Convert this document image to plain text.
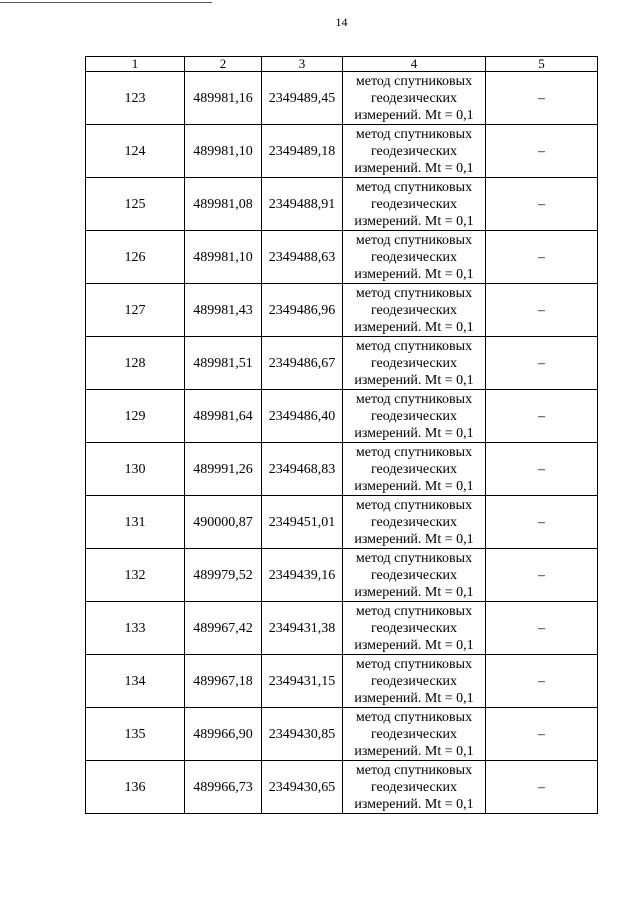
14
1	2	3	4	5
123	489981,16	2349489,45	метод спутниковых
геодезических
измерений. Mt = 0,1	–
124	489981,10	2349489,18	метод спутниковых
геодезических
измерений. Mt = 0,1	–
125	489981,08	2349488,91	метод спутниковых
геодезических
измерений. Mt = 0,1	–
126	489981,10	2349488,63	метод спутниковых
геодезических
измерений. Mt = 0,1	–
127	489981,43	2349486,96	метод спутниковых
геодезических
измерений. Mt = 0,1	–
128	489981,51	2349486,67	метод спутниковых
геодезических
измерений. Mt = 0,1	–
129	489981,64	2349486,40	метод спутниковых
геодезических
измерений. Mt = 0,1	–
130	489991,26	2349468,83	метод спутниковых
геодезических
измерений. Mt = 0,1	–
131	490000,87	2349451,01	метод спутниковых
геодезических
измерений. Mt = 0,1	–
132	489979,52	2349439,16	метод спутниковых
геодезических
измерений. Mt = 0,1	–
133	489967,42	2349431,38	метод спутниковых
геодезических
измерений. Mt = 0,1	–
134	489967,18	2349431,15	метод спутниковых
геодезических
измерений. Mt = 0,1	–
135	489966,90	2349430,85	метод спутниковых
геодезических
измерений. Mt = 0,1	–
136	489966,73	2349430,65	метод спутниковых
геодезических
измерений. Mt = 0,1	–
